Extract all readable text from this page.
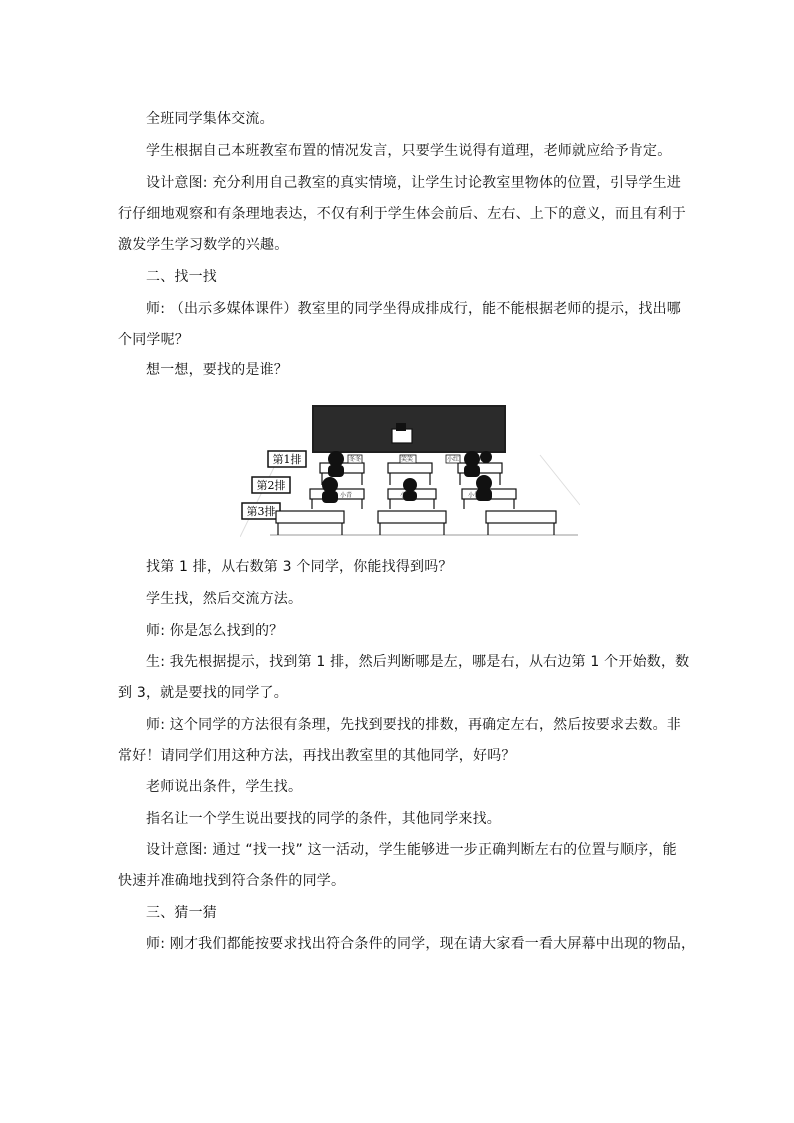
全班同学集体交流。
学生根据自己本班教室布置的情况发言，只要学生说得有道理，老师就应给予肯定。
设计意图: 充分利用自己教室的真实情境，让学生讨论教室里物体的位置，引导学生进
行仔细地观察和有条理地表达，不仅有利于学生体会前后、左右、上下的意义，而且有利于
激发学生学习数学的兴趣。
二、找一找
师: （出示多媒体课件）教室里的同学坐得成排成行，能不能根据老师的提示，找出哪
个同学呢？
想一想，要找的是谁？
找第 1 排，从右数第 3 个同学，你能找得到吗？
学生找，然后交流方法。
师: 你是怎么找到的？
生: 我先根据提示，找到第 1 排，然后判断哪是左，哪是右，从右边第 1 个开始数，数
到 3，就是要找的同学了。
师: 这个同学的方法很有条理，先找到要找的排数，再确定左右，然后按要求去数。非
常好！请同学们用这种方法，再找出教室里的其他同学，好吗？
老师说出条件，学生找。
指名让一个学生说出要找的同学的条件，其他同学来找。
设计意图: 通过 “找一找” 这一活动，学生能够进一步正确判断左右的位置与顺序，能
快速并准确地找到符合条件的同学。
三、猜一猜
师: 刚才我们都能按要求找出符合条件的同学，现在请大家看一看大屏幕中出现的物品，
第1排
第2排
第3排
冬冬	笑笑	小红
小青	小兰	小佳
